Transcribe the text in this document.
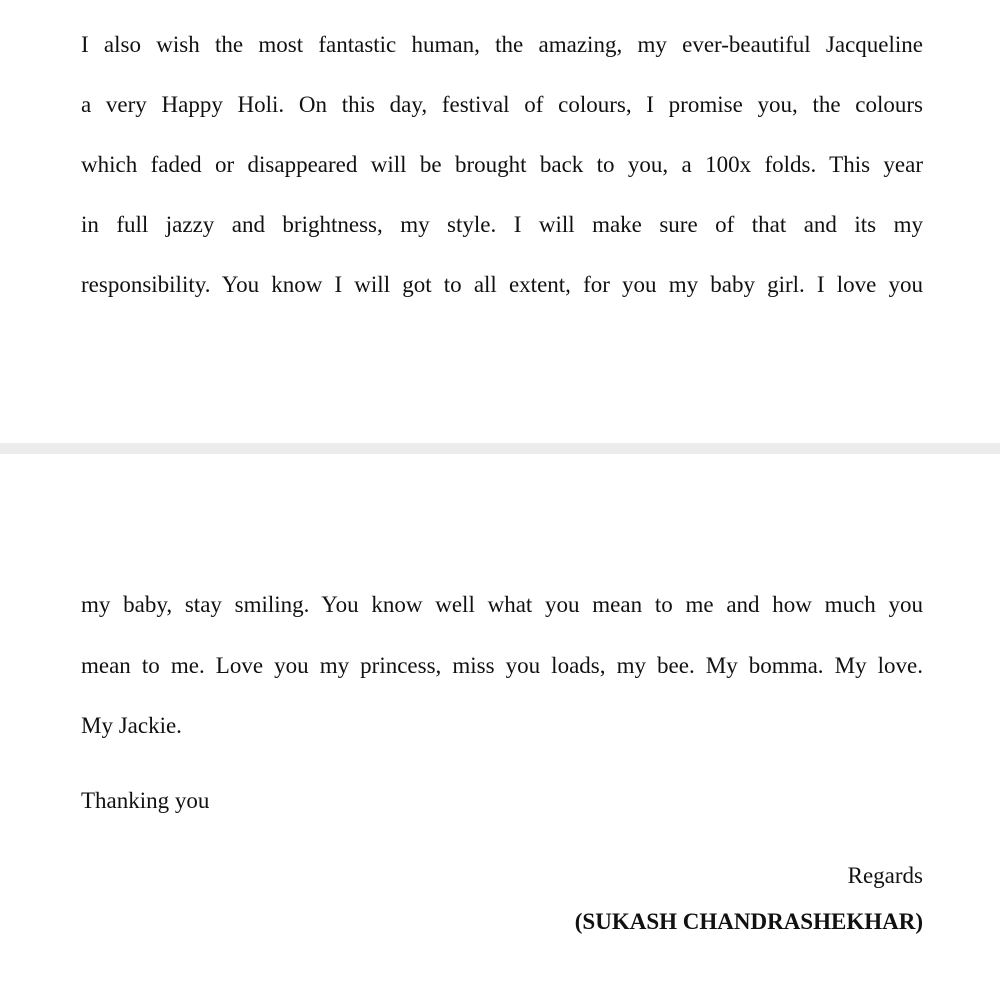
I also wish the most fantastic human, the amazing, my ever-beautiful Jacqueline
a very Happy Holi. On this day, festival of colours, I promise you, the colours
which faded or disappeared will be brought back to you, a 100x folds. This year
in full jazzy and brightness, my style. I will make sure of that and its my
responsibility. You know I will got to all extent, for you my baby girl. I love you
my baby, stay smiling. You know well what you mean to me and how much you
mean to me. Love you my princess, miss you loads, my bee. My bomma. My love.
My Jackie.
Thanking you
Regards
(SUKASH CHANDRASHEKHAR)
